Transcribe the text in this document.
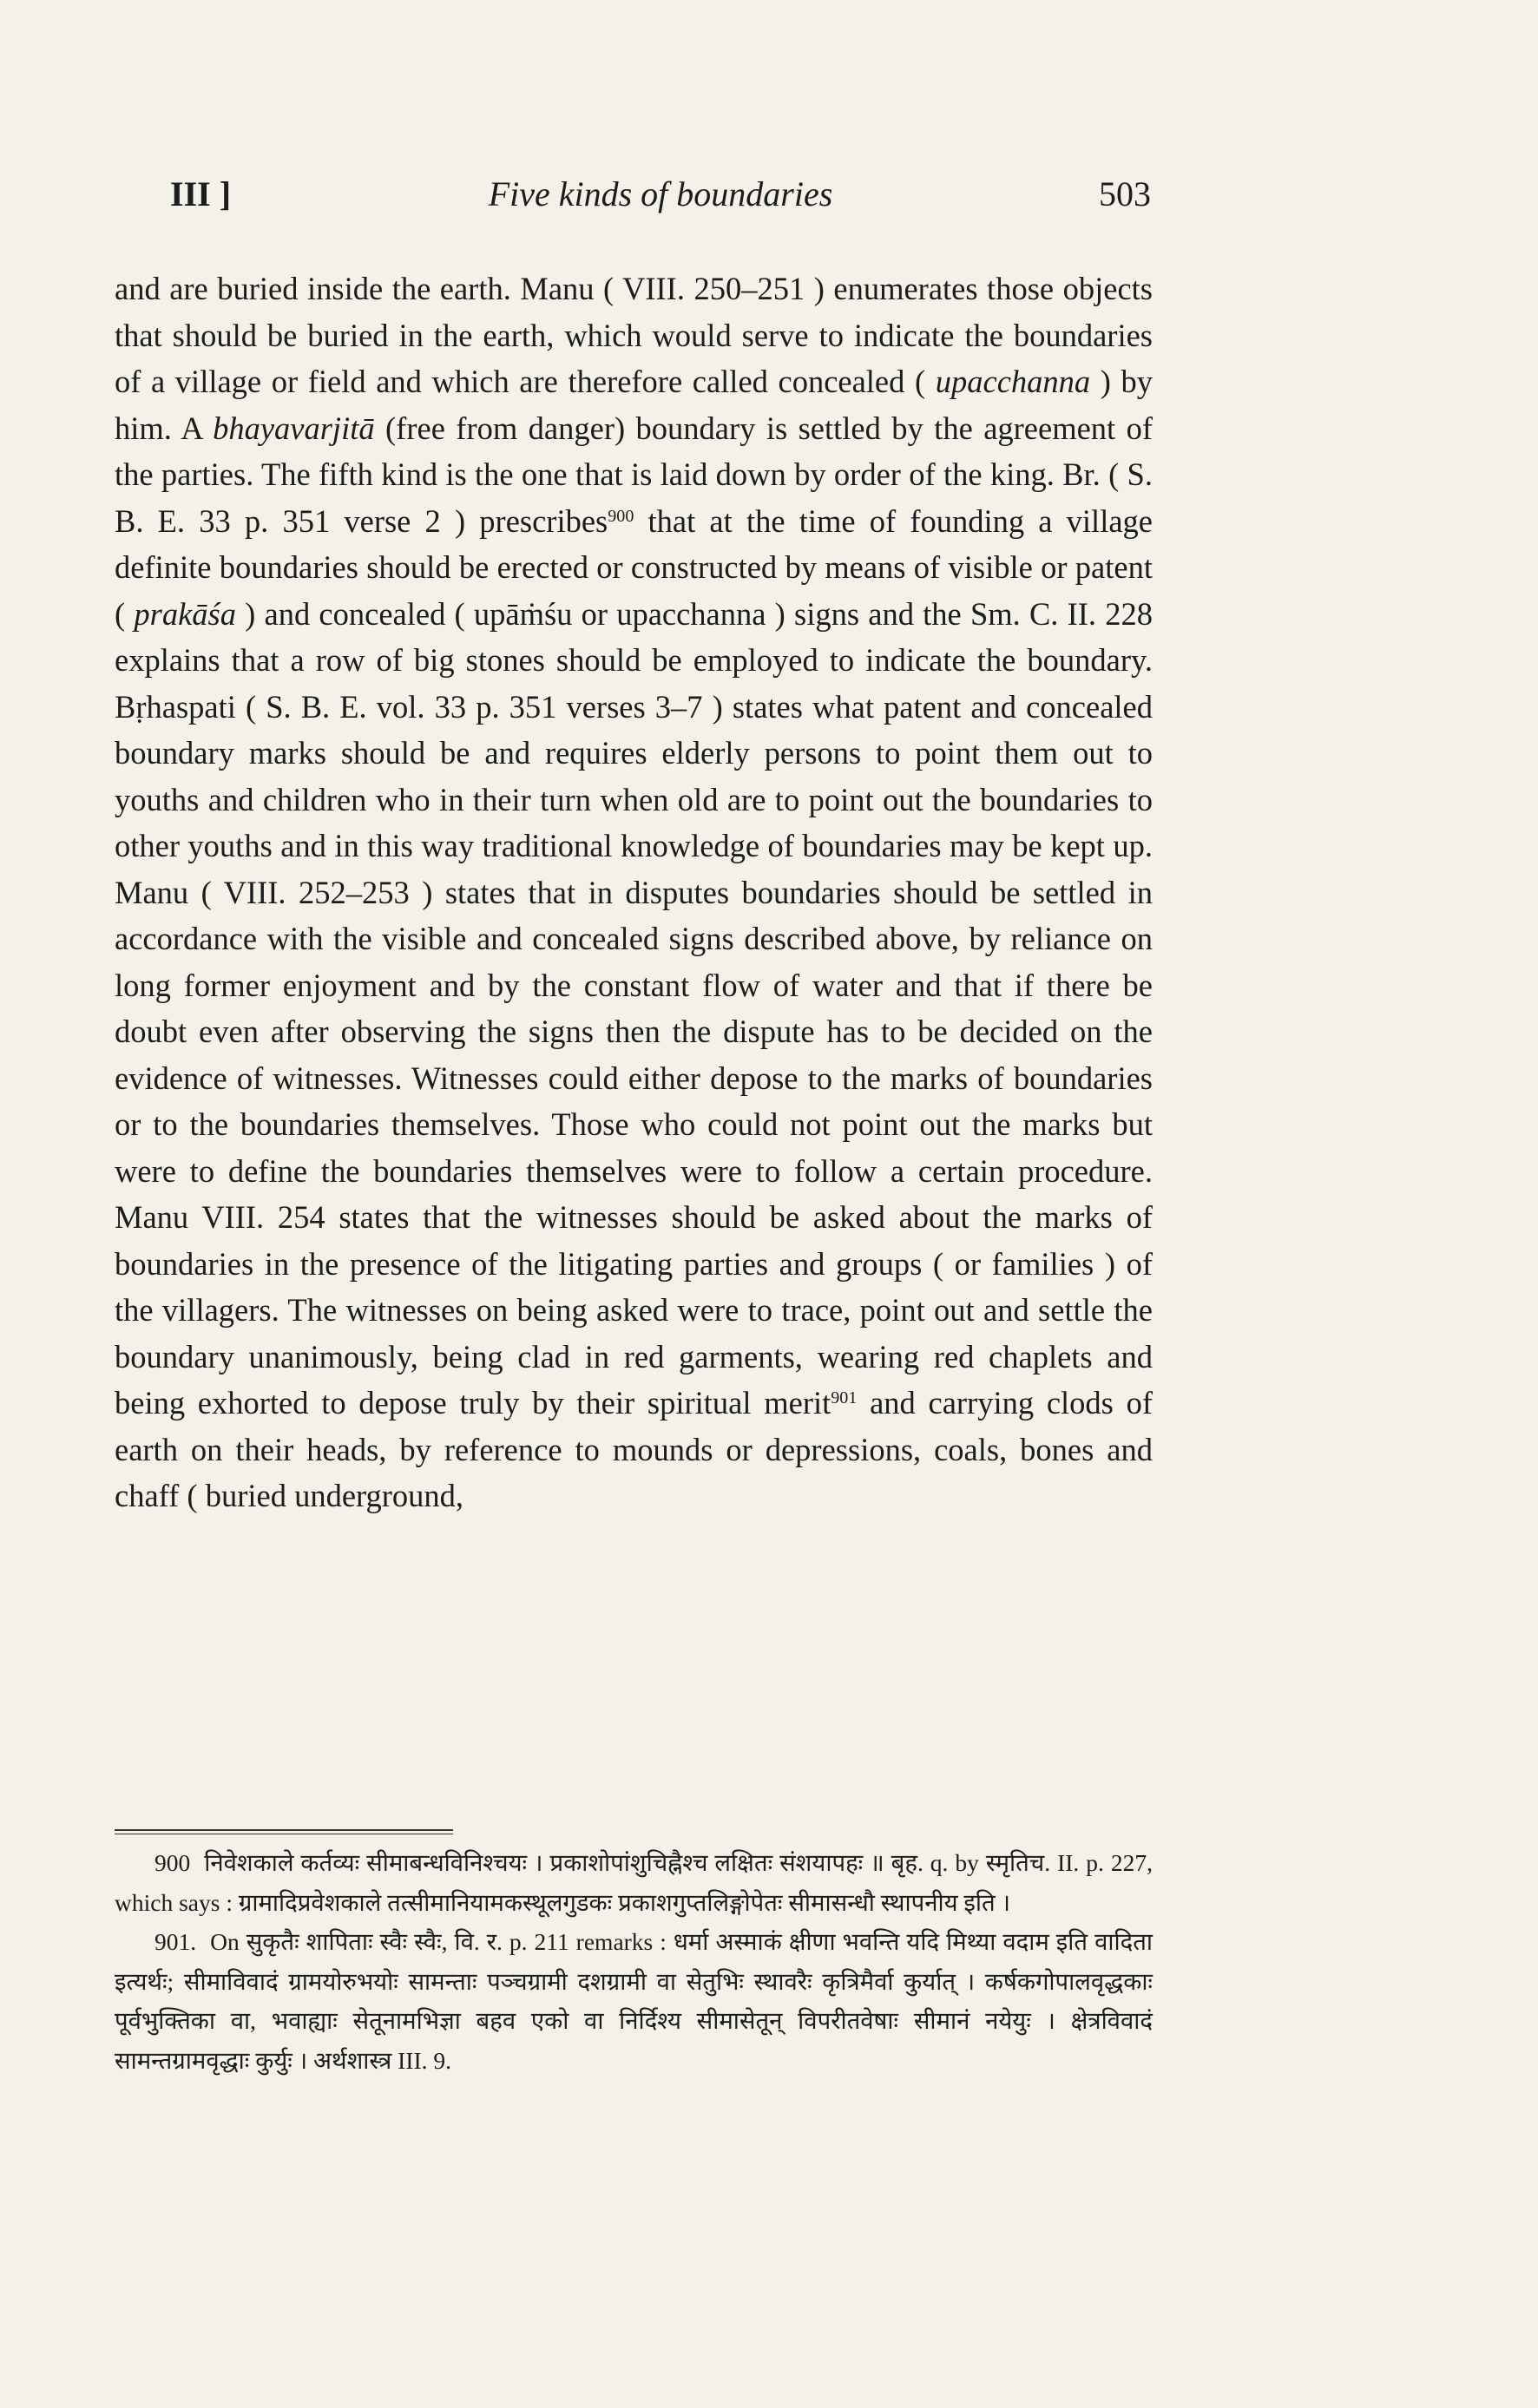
III ]	Five kinds of boundaries	503

and are buried inside the earth. Manu ( VIII. 250–251 ) enumerates those objects that should be buried in the earth, which would serve to indicate the boundaries of a village or field and which are therefore called concealed ( upacchanna ) by him. A bhayavarjitā (free from danger) boundary is settled by the agreement of the parties. The fifth kind is the one that is laid down by order of the king. Br. ( S. B. E. 33 p. 351 verse 2 ) prescribes$^{900}$ that at the time of founding a village definite boundaries should be erected or constructed by means of visible or patent ( prakāśa ) and concealed ( upāṁśu or upacchanna ) signs and the Sm. C. II. 228 explains that a row of big stones should be employed to indicate the boundary. Bṛhaspati ( S. B. E. vol. 33 p. 351 verses 3–7 ) states what patent and concealed boundary marks should be and requires elderly persons to point them out to youths and children who in their turn when old are to point out the boundaries to other youths and in this way traditional knowledge of boundaries may be kept up. Manu ( VIII. 252–253 ) states that in disputes boundaries should be settled in accordance with the visible and concealed signs described above, by reliance on long former enjoyment and by the constant flow of water and that if there be doubt even after observing the signs then the dispute has to be decided on the evidence of witnesses. Witnesses could either depose to the marks of boundaries or to the boundaries themselves. Those who could not point out the marks but were to define the boundaries themselves were to follow a certain procedure. Manu VIII. 254 states that the witnesses should be asked about the marks of boundaries in the presence of the litigating parties and groups ( or families ) of the villagers. The witnesses on being asked were to trace, point out and settle the boundary unanimously, being clad in red garments, wearing red chaplets and being exhorted to depose truly by their spiritual merit$^{901}$ and carrying clods of earth on their heads, by reference to mounds or depressions, coals, bones and chaff ( buried underground,

900 निवेशकाले कर्तव्यः सीमाबन्धविनिश्चयः । प्रकाशोपांशुचिह्नैश्च लक्षितः संशयापहः ॥ बृह. q. by स्मृतिच. II. p. 227, which says : ग्रामादिप्रवेशकाले तत्सीमानियामकस्थूलगुडकः प्रकाशगुप्तलिङ्गोपेतः सीमासन्धौ स्थापनीय इति ।

901. On सुकृतैः शापिताः स्वैः स्वैः, वि. र. p. 211 remarks : धर्मा अस्माकं क्षीणा भवन्ति यदि मिथ्या वदाम इति वादिता इत्यर्थः; सीमाविवादं ग्रामयोरुभयोः सामन्ताः पञ्चग्रामी दशग्रामी वा सेतुभिः स्थावरैः कृत्रिमैर्वा कुर्यात् । कर्षकगोपालवृद्धकाः पूर्वभुक्तिका वा, भवाह्याः सेतूनामभिज्ञा बहव एको वा निर्दिश्य सीमासेतून् विपरीतवेषाः सीमानं नयेयुः । क्षेत्रविवादं सामन्तग्रामवृद्धाः कुर्युः । अर्थशास्त्र III. 9.
